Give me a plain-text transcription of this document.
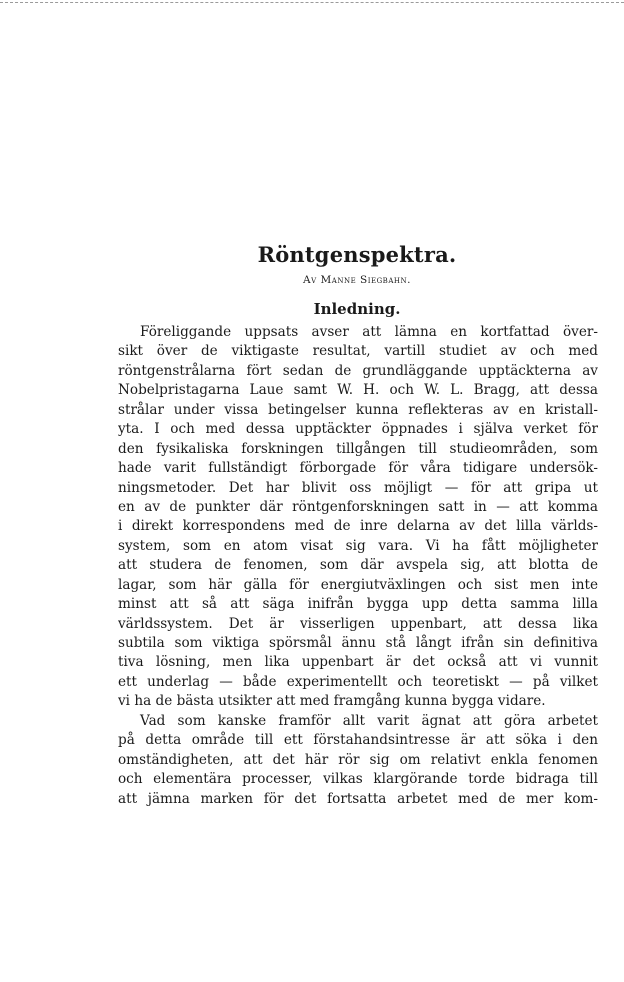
Röntgenspektra.
Av Manne Siegbahn.
Inledning.
Föreliggande uppsats avser att lämna en kortfattad över-
sikt över de viktigaste resultat, vartill studiet av och med
röntgenstrålarna fört sedan de grundläggande upptäckterna av
Nobelpristagarna Laue samt W. H. och W. L. Bragg, att dessa
strålar under vissa betingelser kunna reflekteras av en kristall-
yta. I och med dessa upptäckter öppnades i själva verket för
den fysikaliska forskningen tillgången till studieområden, som
hade varit fullständigt förborgade för våra tidigare undersök-
ningsmetoder. Det har blivit oss möjligt — för att gripa ut
en av de punkter där röntgenforskningen satt in — att komma
i direkt korrespondens med de inre delarna av det lilla världs-
system, som en atom visat sig vara. Vi ha fått möjligheter
att studera de fenomen, som där avspela sig, att blotta de
lagar, som här gälla för energiutväxlingen och sist men inte
minst att så att säga inifrån bygga upp detta samma lilla
världssystem. Det är visserligen uppenbart, att dessa lika
subtila som viktiga spörsmål ännu stå långt ifrån sin definitiva
tiva lösning, men lika uppenbart är det också att vi vunnit
ett underlag — både experimentellt och teoretiskt — på vilket
vi ha de bästa utsikter att med framgång kunna bygga vidare.
Vad som kanske framför allt varit ägnat att göra arbetet
på detta område till ett förstahandsintresse är att söka i den
omständigheten, att det här rör sig om relativt enkla fenomen
och elementära processer, vilkas klargörande torde bidraga till
att jämna marken för det fortsatta arbetet med de mer kom-
